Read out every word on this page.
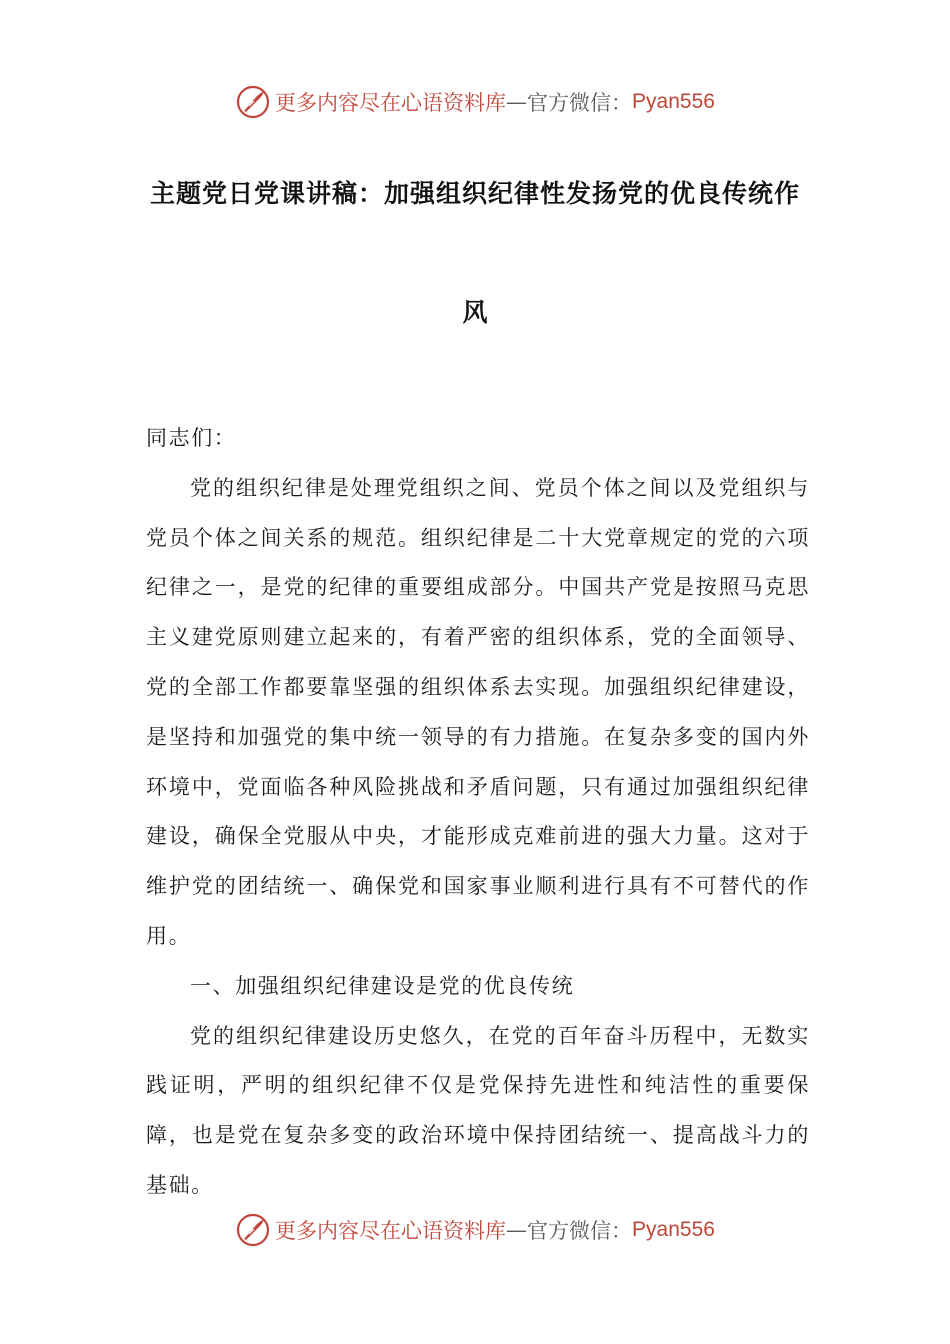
更多内容尽在心语资料库 — 官方微信： Pyan556
主题党日党课讲稿：加强组织纪律性发扬党的优良传统作
风

同志们：

党的组织纪律是处理党组织之间、党员个体之间以及党组织与党员个体之间关系的规范。组织纪律是二十大党章规定的党的六项纪律之一，是党的纪律的重要组成部分。中国共产党是按照马克思主义建党原则建立起来的，有着严密的组织体系，党的全面领导、党的全部工作都要靠坚强的组织体系去实现。加强组织纪律建设，是坚持和加强党的集中统一领导的有力措施。在复杂多变的国内外环境中，党面临各种风险挑战和矛盾问题，只有通过加强组织纪律建设，确保全党服从中央，才能形成克难前进的强大力量。这对于维护党的团结统一、确保党和国家事业顺利进行具有不可替代的作用。

一、加强组织纪律建设是党的优良传统

党的组织纪律建设历史悠久，在党的百年奋斗历程中，无数实践证明，严明的组织纪律不仅是党保持先进性和纯洁性的重要保障，也是党在复杂多变的政治环境中保持团结统一、提高战斗力的基础。

更多内容尽在心语资料库 — 官方微信： Pyan556
